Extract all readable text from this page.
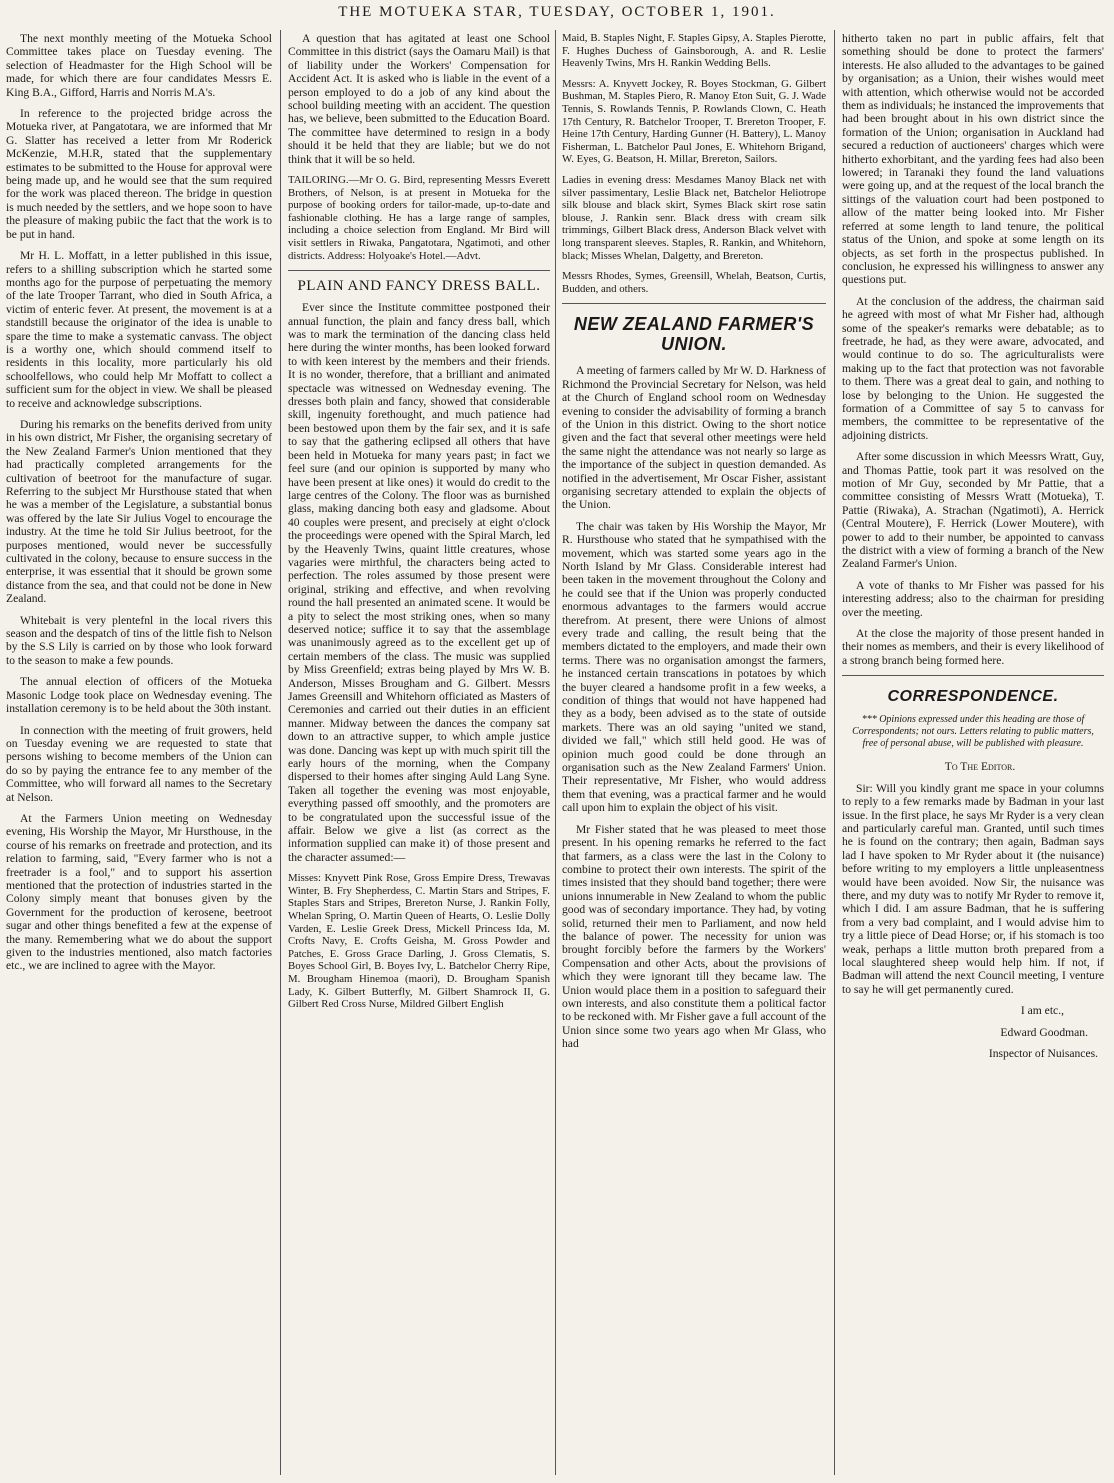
THE MOTUEKA STAR, TUESDAY, OCTOBER 1, 1901.

The next monthly meeting of the Motueka School Committee takes place on Tuesday evening. The selection of Headmaster for the High School will be made, for which there are four candidates Messrs E. King B.A., Gifford, Harris and Norris M.A's.

In reference to the projected bridge across the Motueka river, at Pangatotara, we are informed that Mr G. Slatter has received a letter from Mr Roderick McKenzie, M.H.R, stated that the supplementary estimates to be submitted to the House for approval were being made up, and he would see that the sum required for the work was placed thereon. The bridge in question is much needed by the settlers, and we hope soon to have the pleasure of making pubiic the fact that the work is to be put in hand.

Mr H. L. Moffatt, in a letter published in this issue, refers to a shilling subscription which he started some months ago for the purpose of perpetuating the memory of the late Trooper Tarrant, who died in South Africa, a victim of enteric fever. At present, the movement is at a standstill because the originator of the idea is unable to spare the time to make a systematic canvass. The object is a worthy one, which should commend itself to residents in this locality, more particularly his old schoolfellows, who could help Mr Moffatt to collect a sufficient sum for the object in view. We shall be pleased to receive and acknowledge subscriptions.

During his remarks on the benefits derived from unity in his own district, Mr Fisher, the organising secretary of the New Zealand Farmer's Union mentioned that they had practically completed arrangements for the cultivation of beetroot for the manufacture of sugar. Referring to the subject Mr Hursthouse stated that when he was a member of the Legislature, a substantial bonus was offered by the late Sir Julius Vogel to encourage the industry. At the time he told Sir Julius beetroot, for the purposes mentioned, would never be successfully cultivated in the colony, because to ensure success in the enterprise, it was essential that it should be grown some distance from the sea, and that could not be done in New Zealand.

Whitebait is very plentefnl in the local rivers this season and the despatch of tins of the little fish to Nelson by the S.S Lily is carried on by those who look forward to the season to make a few pounds.

The annual election of officers of the Motueka Masonic Lodge took place on Wednesday evening. The installation ceremony is to be held about the 30th instant.

In connection with the meeting of fruit growers, held on Tuesday evening we are requested to state that persons wishing to become members of the Union can do so by paying the entrance fee to any member of the Committee, who will forward all names to the Secretary at Nelson.

At the Farmers Union meeting on Wednesday evening, His Worship the Mayor, Mr Hursthouse, in the course of his remarks on freetrade and protection, and its relation to farming, said, "Every farmer who is not a freetrader is a fool," and to support his assertion mentioned that the protection of industries started in the Colony simply meant that bonuses given by the Government for the production of kerosene, beetroot sugar and other things benefited a few at the expense of the many. Remembering what we do about the support given to the industries mentioned, also match factories etc., we are inclined to agree with the Mayor.

A question that has agitated at least one School Committee in this district (says the Oamaru Mail) is that of liability under the Workers' Compensation for Accident Act. It is asked who is liable in the event of a person employed to do a job of any kind about the school building meeting with an accident. The question has, we believe, been submitted to the Education Board. The committee have determined to resign in a body should it be held that they are liable; but we do not think that it will be so held.

TAILORING.—Mr O. G. Bird, representing Messrs Everett Brothers, of Nelson, is at present in Motueka for the purpose of booking orders for tailor-made, up-to-date and fashionable clothing. He has a large range of samples, including a choice selection from England. Mr Bird will visit settlers in Riwaka, Pangatotara, Ngatimoti, and other districts. Address: Holyoake's Hotel.—Advt.

PLAIN AND FANCY DRESS BALL.

Ever since the Institute committee postponed their annual function, the plain and fancy dress ball, which was to mark the termination of the dancing class held here during the winter months, has been looked forward to with keen interest by the members and their friends. It is no wonder, therefore, that a brilliant and animated spectacle was witnessed on Wednesday evening. The dresses both plain and fancy, showed that considerable skill, ingenuity forethought, and much patience had been bestowed upon them by the fair sex, and it is safe to say that the gathering eclipsed all others that have been held in Motueka for many years past; in fact we feel sure (and our opinion is supported by many who have been present at like ones) it would do credit to the large centres of the Colony. The floor was as burnished glass, making dancing both easy and gladsome. About 40 couples were present, and precisely at eight o'clock the proceedings were opened with the Spiral March, led by the Heavenly Twins, quaint little creatures, whose vagaries were mirthful, the characters being acted to perfection. The roles assumed by those present were original, striking and effective, and when revolving round the hall presented an animated scene. It would be a pity to select the most striking ones, when so many deserved notice; suffice it to say that the assemblage was unanimously agreed as to the excellent get up of certain members of the class. The music was supplied by Miss Greenfield; extras being played by Mrs W. B. Anderson, Misses Brougham and G. Gilbert. Messrs James Greensill and Whitehorn officiated as Masters of Ceremonies and carried out their duties in an efficient manner. Midway between the dances the company sat down to an attractive supper, to which ample justice was done. Dancing was kept up with much spirit till the early hours of the morning, when the Company dispersed to their homes after singing Auld Lang Syne. Taken all together the evening was most enjoyable, everything passed off smoothly, and the promoters are to be congratulated upon the successful issue of the affair. Below we give a list (as correct as the information supplied can make it) of those present and the character assumed:—

Misses: Knyvett Pink Rose, Gross Empire Dress, Trewavas Winter, B. Fry Shepherdess, C. Martin Stars and Stripes, F. Staples Stars and Stripes, Brereton Nurse, J. Rankin Folly, Whelan Spring, O. Martin Queen of Hearts, O. Leslie Dolly Varden, E. Leslie Greek Dress, Mickell Princess Ida, M. Crofts Navy, E. Crofts Geisha, M. Gross Powder and Patches, E. Gross Grace Darling, J. Gross Clematis, S. Boyes School Girl, B. Boyes Ivy, L. Batchelor Cherry Ripe, M. Brougham Hinemoa (maori), D. Brougham Spanish Lady, K. Gilbert Butterfly, M. Gilbert Shamrock II, G. Gilbert Red Cross Nurse, Mildred Gilbert English

Maid, B. Staples Night, F. Staples Gipsy, A. Staples Pierotte, F. Hughes Duchess of Gainsborough, A. and R. Leslie Heavenly Twins, Mrs H. Rankin Wedding Bells.

Messrs: A. Knyvett Jockey, R. Boyes Stockman, G. Gilbert Bushman, M. Staples Piero, R. Manoy Eton Suit, G. J. Wade Tennis, S. Rowlands Tennis, P. Rowlands Clown, C. Heath 17th Century, R. Batchelor Trooper, T. Brereton Trooper, F. Heine 17th Century, Harding Gunner (H. Battery), L. Manoy Fisherman, L. Batchelor Paul Jones, E. Whitehorn Brigand, W. Eyes, G. Beatson, H. Millar, Brereton, Sailors.

Ladies in evening dress: Mesdames Manoy Black net with silver passimentary, Leslie Black net, Batchelor Heliotrope silk blouse and black skirt, Symes Black skirt rose satin blouse, J. Rankin senr. Black dress with cream silk trimmings, Gilbert Black dress, Anderson Black velvet with long transparent sleeves. Staples, R. Rankin, and Whitehorn, black; Misses Whelan, Dalgetty, and Brereton.

Messrs Rhodes, Symes, Greensill, Whelah, Beatson, Curtis, Budden, and others.

NEW ZEALAND FARMER'S UNION.

A meeting of farmers called by Mr W. D. Harkness of Richmond the Provincial Secretary for Nelson, was held at the Church of England school room on Wednesday evening to consider the advisability of forming a branch of the Union in this district. Owing to the short notice given and the fact that several other meetings were held the same night the attendance was not nearly so large as the importance of the subject in question demanded. As notified in the advertisement, Mr Oscar Fisher, assistant organising secretary attended to explain the objects of the Union.

The chair was taken by His Worship the Mayor, Mr R. Hursthouse who stated that he sympathised with the movement, which was started some years ago in the North Island by Mr Glass. Considerable interest had been taken in the movement throughout the Colony and he could see that if the Union was properly conducted enormous advantages to the farmers would accrue therefrom. At present, there were Unions of almost every trade and calling, the result being that the members dictated to the employers, and made their own terms. There was no organisation amongst the farmers, he instanced certain transcations in potatoes by which the buyer cleared a handsome profit in a few weeks, a condition of things that would not have happened had they as a body, been advised as to the state of outside markets. There was an old saying "united we stand, divided we fall," which still held good. He was of opinion much good could be done through an organisation such as the New Zealand Farmers' Union. Their representative, Mr Fisher, who would address them that evening, was a practical farmer and he would call upon him to explain the object of his visit.

Mr Fisher stated that he was pleased to meet those present. In his opening remarks he referred to the fact that farmers, as a class were the last in the Colony to combine to protect their own interests. The spirit of the times insisted that they should band together; there were unions innumerable in New Zealand to whom the public good was of secondary importance. They had, by voting solid, returned their men to Parliament, and now held the balance of power. The necessity for union was brought forcibly before the farmers by the Workers' Compensation and other Acts, about the provisions of which they were ignorant till they became law. The Union would place them in a position to safeguard their own interests, and also constitute them a political factor to be reckoned with. Mr Fisher gave a full account of the Union since some two years ago when Mr Glass, who had

hitherto taken no part in public affairs, felt that something should be done to protect the farmers' interests. He also alluded to the advantages to be gained by organisation; as a Union, their wishes would meet with attention, which otherwise would not be accorded them as individuals; he instanced the improvements that had been brought about in his own district since the formation of the Union; organisation in Auckland had secured a reduction of auctioneers' charges which were hitherto exhorbitant, and the yarding fees had also been lowered; in Taranaki they found the land valuations were going up, and at the request of the local branch the sittings of the valuation court had been postponed to allow of the matter being looked into. Mr Fisher referred at some length to land tenure, the political status of the Union, and spoke at some length on its objects, as set forth in the prospectus published. In conclusion, he expressed his willingness to answer any questions put.

At the conclusion of the address, the chairman said he agreed with most of what Mr Fisher had, although some of the speaker's remarks were debatable; as to freetrade, he had, as they were aware, advocated, and would continue to do so. The agriculturalists were making up to the fact that protection was not favorable to them. There was a great deal to gain, and nothing to lose by belonging to the Union. He suggested the formation of a Committee of say 5 to canvass for members, the committee to be representative of the adjoining districts.

After some discussion in which Meessrs Wratt, Guy, and Thomas Pattie, took part it was resolved on the motion of Mr Guy, seconded by Mr Pattie, that a committee consisting of Messrs Wratt (Motueka), T. Pattie (Riwaka), A. Strachan (Ngatimoti), A. Herrick (Central Moutere), F. Herrick (Lower Moutere), with power to add to their number, be appointed to canvass the district with a view of forming a branch of the New Zealand Farmer's Union.

A vote of thanks to Mr Fisher was passed for his interesting address; also to the chairman for presiding over the meeting.

At the close the majority of those present handed in their nomes as members, and their is every likelihood of a strong branch being formed here.

CORRESPONDENCE.
*** Opinions expressed under this heading are those of Correspondents; not ours. Letters relating to public matters, free of personal abuse, will be published with pleasure.

To The Editor.

Sir: Will you kindly grant me space in your columns to reply to a few remarks made by Badman in your last issue. In the first place, he says Mr Ryder is a very clean and particularly careful man. Granted, until such times he is found on the contrary; then again, Badman says lad I have spoken to Mr Ryder about it (the nuisance) before writing to my employers a little unpleasentness would have been avoided. Now Sir, the nuisance was there, and my duty was to notify Mr Ryder to remove it, which I did. I am assure Badman, that he is suffering from a very bad complaint, and I would advise him to try a little piece of Dead Horse; or, if his stomach is too weak, perhaps a little mutton broth prepared from a local slaughtered sheep would help him. If not, if Badman will attend the next Council meeting, I venture to say he will get permanently cured.

I am etc.,

Edward Goodman.

Inspector of Nuisances.
